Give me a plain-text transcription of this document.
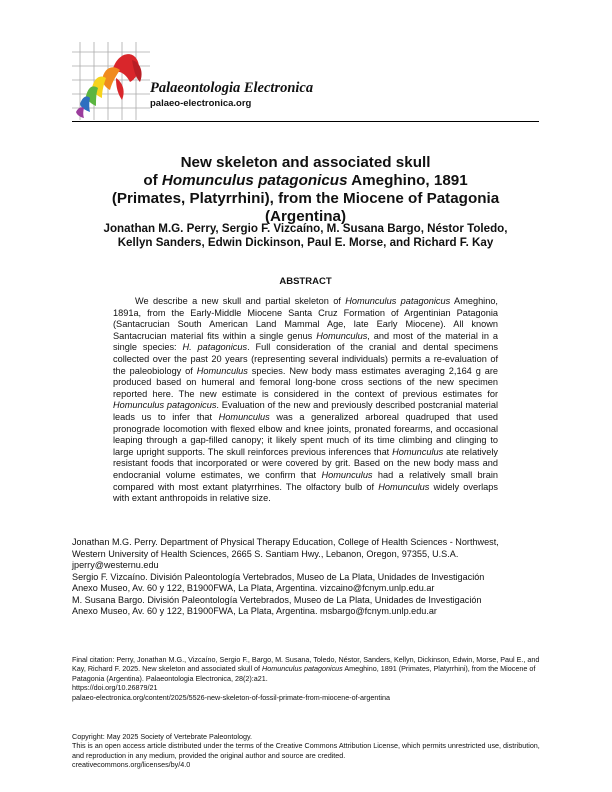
Palaeontologia Electronica
palaeo-electronica.org
New skeleton and associated skull
of Homunculus patagonicus Ameghino, 1891
(Primates, Platyrrhini), from the Miocene of Patagonia (Argentina)
Jonathan M.G. Perry, Sergio F. Vizcaíno, M. Susana Bargo, Néstor Toledo,
Kellyn Sanders, Edwin Dickinson, Paul E. Morse, and Richard F. Kay
ABSTRACT

We describe a new skull and partial skeleton of Homunculus patagonicus Ameghino, 1891a, from the Early-Middle Miocene Santa Cruz Formation of Argentinian Patagonia (Santacrucian South American Land Mammal Age, late Early Miocene). All known Santacrucian material fits within a single genus Homunculus, and most of the material in a single species: H. patagonicus. Full consideration of the cranial and dental specimens collected over the past 20 years (representing several individuals) permits a re-evaluation of the paleobiology of Homunculus species. New body mass estimates averaging 2,164 g are produced based on humeral and femoral long-bone cross sections of the new specimen reported here. The new estimate is considered in the context of previous estimates for Homunculus patagonicus. Evaluation of the new and previously described postcranial material leads us to infer that Homunculus was a generalized arboreal quadruped that used pronograde locomotion with flexed elbow and knee joints, pronated forearms, and occasional leaping through a gap-filled canopy; it likely spent much of its time climbing and clinging to large upright supports. The skull reinforces previous inferences that Homunculus ate relatively resistant foods that incorporated or were covered by grit. Based on the new body mass and endocranial volume estimates, we confirm that Homunculus had a relatively small brain compared with most extant platyrrhines. The olfactory bulb of Homunculus widely overlaps with extant anthropoids in relative size.

Jonathan M.G. Perry. Department of Physical Therapy Education, College of Health Sciences - Northwest,
Western University of Health Sciences, 2665 S. Santiam Hwy., Lebanon, Oregon, 97355, U.S.A.
jperry@westernu.edu
Sergio F. Vizcaíno. División Paleontología Vertebrados, Museo de La Plata, Unidades de Investigación
Anexo Museo, Av. 60 y 122, B1900FWA, La Plata, Argentina. vizcaino@fcnym.unlp.edu.ar
M. Susana Bargo. División Paleontología Vertebrados, Museo de La Plata, Unidades de Investigación
Anexo Museo, Av. 60 y 122, B1900FWA, La Plata, Argentina. msbargo@fcnym.unlp.edu.ar
Final citation: Perry, Jonathan M.G., Vizcaíno, Sergio F., Bargo, M. Susana, Toledo, Néstor, Sanders, Kellyn, Dickinson, Edwin, Morse, Paul E., and Kay, Richard F. 2025. New skeleton and associated skull of Homunculus patagonicus Ameghino, 1891 (Primates, Platyrrhini), from the Miocene of Patagonia (Argentina). Palaeontologia Electronica, 28(2):a21.
https://doi.org/10.26879/21
palaeo-electronica.org/content/2025/5526-new-skeleton-of-fossil-primate-from-miocene-of-argentina
Copyright: May 2025 Society of Vertebrate Paleontology.
This is an open access article distributed under the terms of the Creative Commons Attribution License, which permits unrestricted use, distribution, and reproduction in any medium, provided the original author and source are credited.
creativecommons.org/licenses/by/4.0
